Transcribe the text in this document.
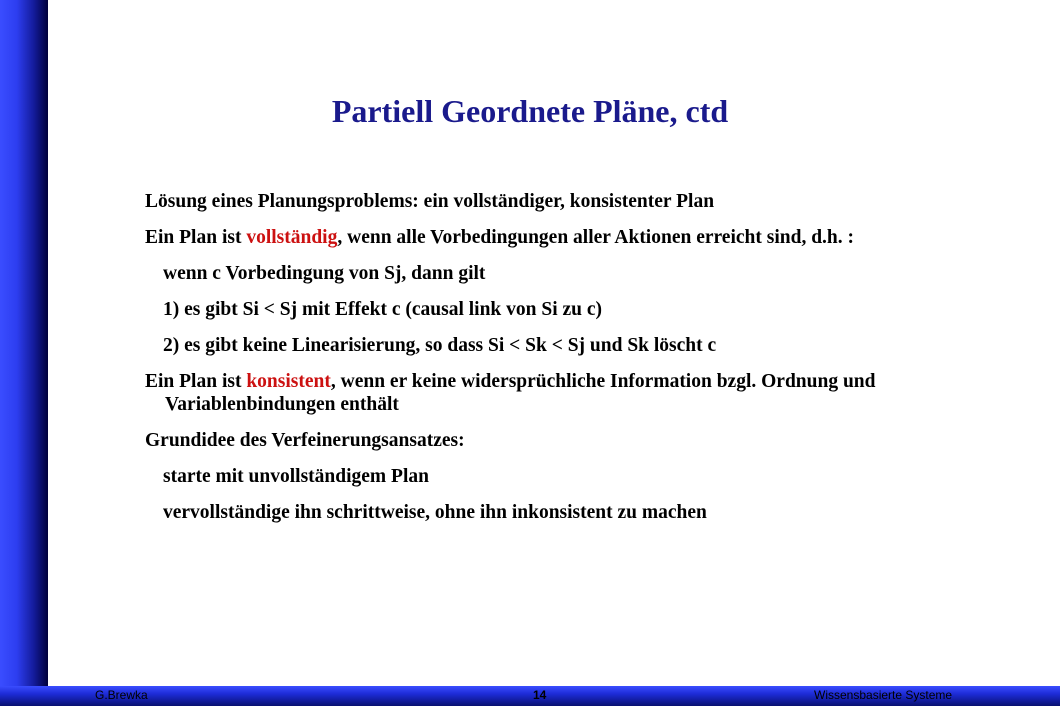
Partiell Geordnete Pläne, ctd
Lösung eines Planungsproblems: ein vollständiger, konsistenter Plan
Ein Plan ist vollständig, wenn alle Vorbedingungen aller Aktionen erreicht sind, d.h. :
wenn c Vorbedingung von Sj, dann gilt
1) es gibt Si < Sj mit Effekt c (causal link von Si zu c)
2) es gibt keine Linearisierung, so dass Si < Sk < Sj und Sk löscht c
Ein Plan ist konsistent, wenn er keine widersprüchliche Information bzgl. Ordnung und Variablenbindungen enthält
Grundidee des Verfeinerungsansatzes:
starte mit unvollständigem Plan
vervollständige ihn schrittweise, ohne ihn inkonsistent zu machen
G.Brewka	14	Wissensbasierte Systeme
